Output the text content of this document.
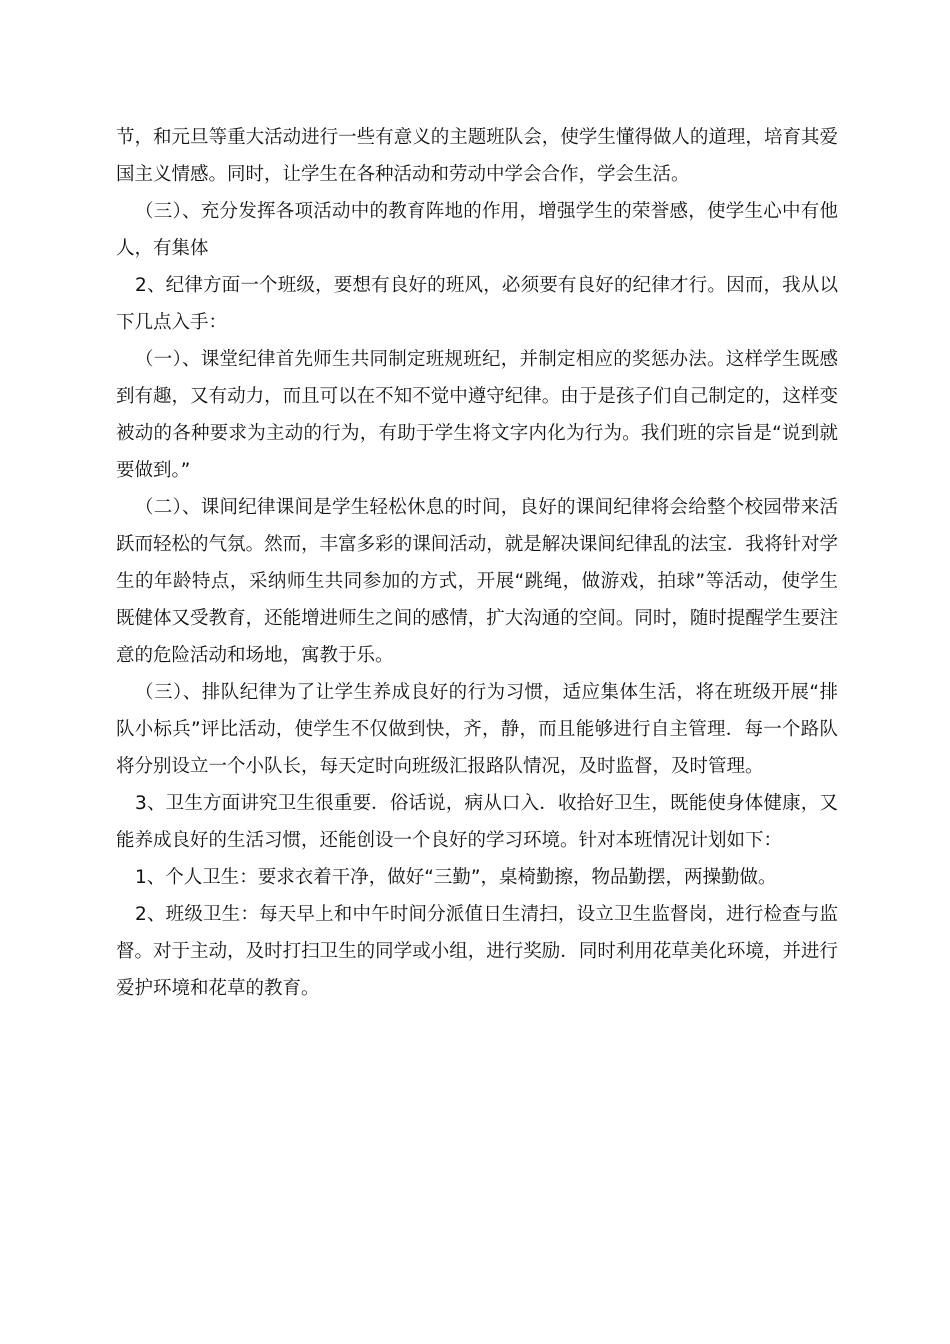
节，和元旦等重大活动进行一些有意义的主题班队会，使学生懂得做人的道理，培育其爱国主义情感。同时，让学生在各种活动和劳动中学会合作，学会生活。

（三）、充分发挥各项活动中的教育阵地的作用，增强学生的荣誉感，使学生心中有他人，有集体

2、纪律方面一个班级，要想有良好的班风，必须要有良好的纪律才行。因而，我从以下几点入手：

（一）、课堂纪律首先师生共同制定班规班纪，并制定相应的奖惩办法。这样学生既感到有趣，又有动力，而且可以在不知不觉中遵守纪律。由于是孩子们自己制定的，这样变被动的各种要求为主动的行为，有助于学生将文字内化为行为。我们班的宗旨是“说到就要做到。”

（二）、课间纪律课间是学生轻松休息的时间，良好的课间纪律将会给整个校园带来活跃而轻松的气氛。然而，丰富多彩的课间活动，就是解决课间纪律乱的法宝．我将针对学生的年龄特点，采纳师生共同参加的方式，开展“跳绳，做游戏，拍球”等活动，使学生既健体又受教育，还能增进师生之间的感情，扩大沟通的空间。同时，随时提醒学生要注意的危险活动和场地，寓教于乐。

（三）、排队纪律为了让学生养成良好的行为习惯，适应集体生活，将在班级开展“排队小标兵”评比活动，使学生不仅做到快，齐，静，而且能够进行自主管理．每一个路队将分别设立一个小队长，每天定时向班级汇报路队情况，及时监督，及时管理。

3、卫生方面讲究卫生很重要．俗话说，病从口入．收拾好卫生，既能使身体健康，又能养成良好的生活习惯，还能创设一个良好的学习环境。针对本班情况计划如下：

1、个人卫生：要求衣着干净，做好“三勤”，桌椅勤擦，物品勤摆，两操勤做。

2、班级卫生：每天早上和中午时间分派值日生清扫，设立卫生监督岗，进行检查与监督。对于主动，及时打扫卫生的同学或小组，进行奖励．同时利用花草美化环境，并进行爱护环境和花草的教育。
